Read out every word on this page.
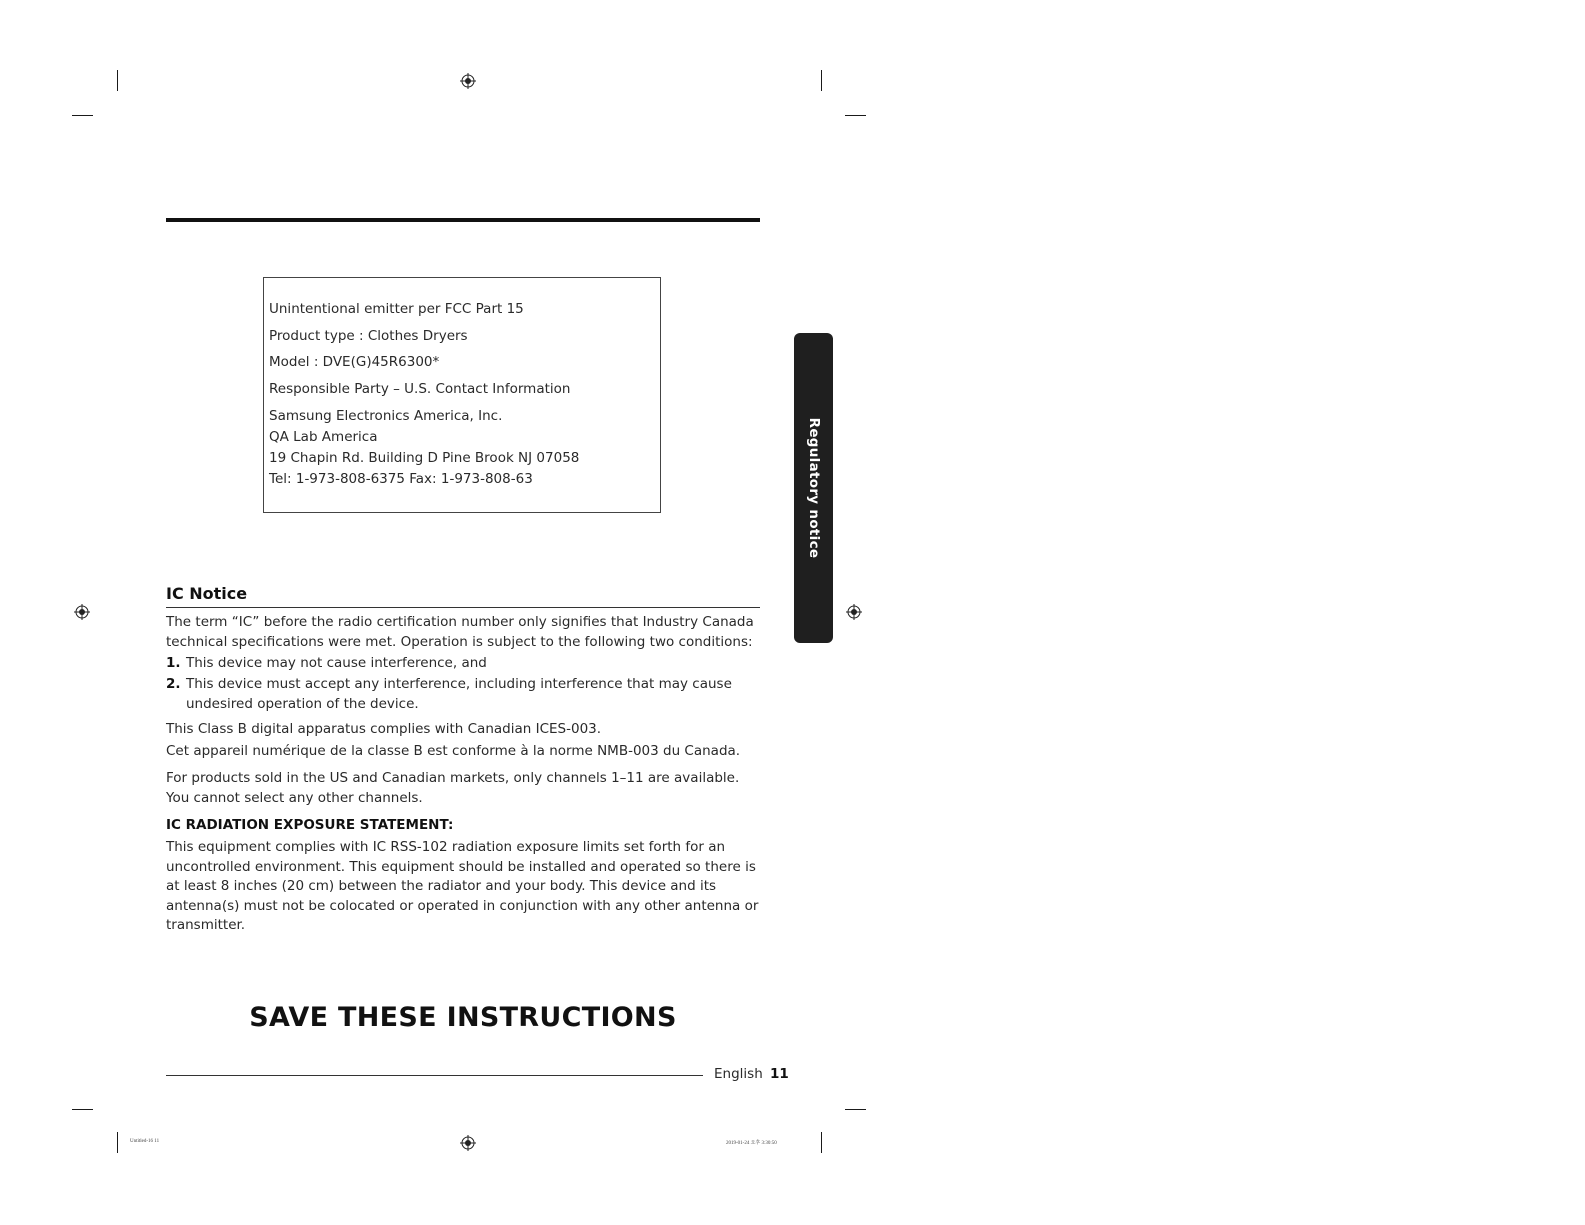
Unintentional emitter per FCC Part 15
Product type : Clothes Dryers
Model : DVE(G)45R6300*
Responsible Party – U.S. Contact Information
Samsung Electronics America, Inc.
QA Lab America
19 Chapin Rd. Building D Pine Brook NJ 07058
Tel: 1-973-808-6375 Fax: 1-973-808-63
IC Notice
The term “IC” before the radio certification number only signifies that Industry Canada technical specifications were met. Operation is subject to the following two conditions:
1. This device may not cause interference, and
2. This device must accept any interference, including interference that may cause undesired operation of the device.
This Class B digital apparatus complies with Canadian ICES-003.
Cet appareil numérique de la classe B est conforme à la norme NMB-003 du Canada.
For products sold in the US and Canadian markets, only channels 1–11 are available. You cannot select any other channels.
IC RADIATION EXPOSURE STATEMENT:
This equipment complies with IC RSS-102 radiation exposure limits set forth for an uncontrolled environment. This equipment should be installed and operated so there is at least 8 inches (20 cm) between the radiator and your body. This device and its antenna(s) must not be colocated or operated in conjunction with any other antenna or transmitter.
SAVE THESE INSTRUCTIONS
English 11
Untitled-16 11	2019-01-24 오후 3:30:50
Regulatory notice
